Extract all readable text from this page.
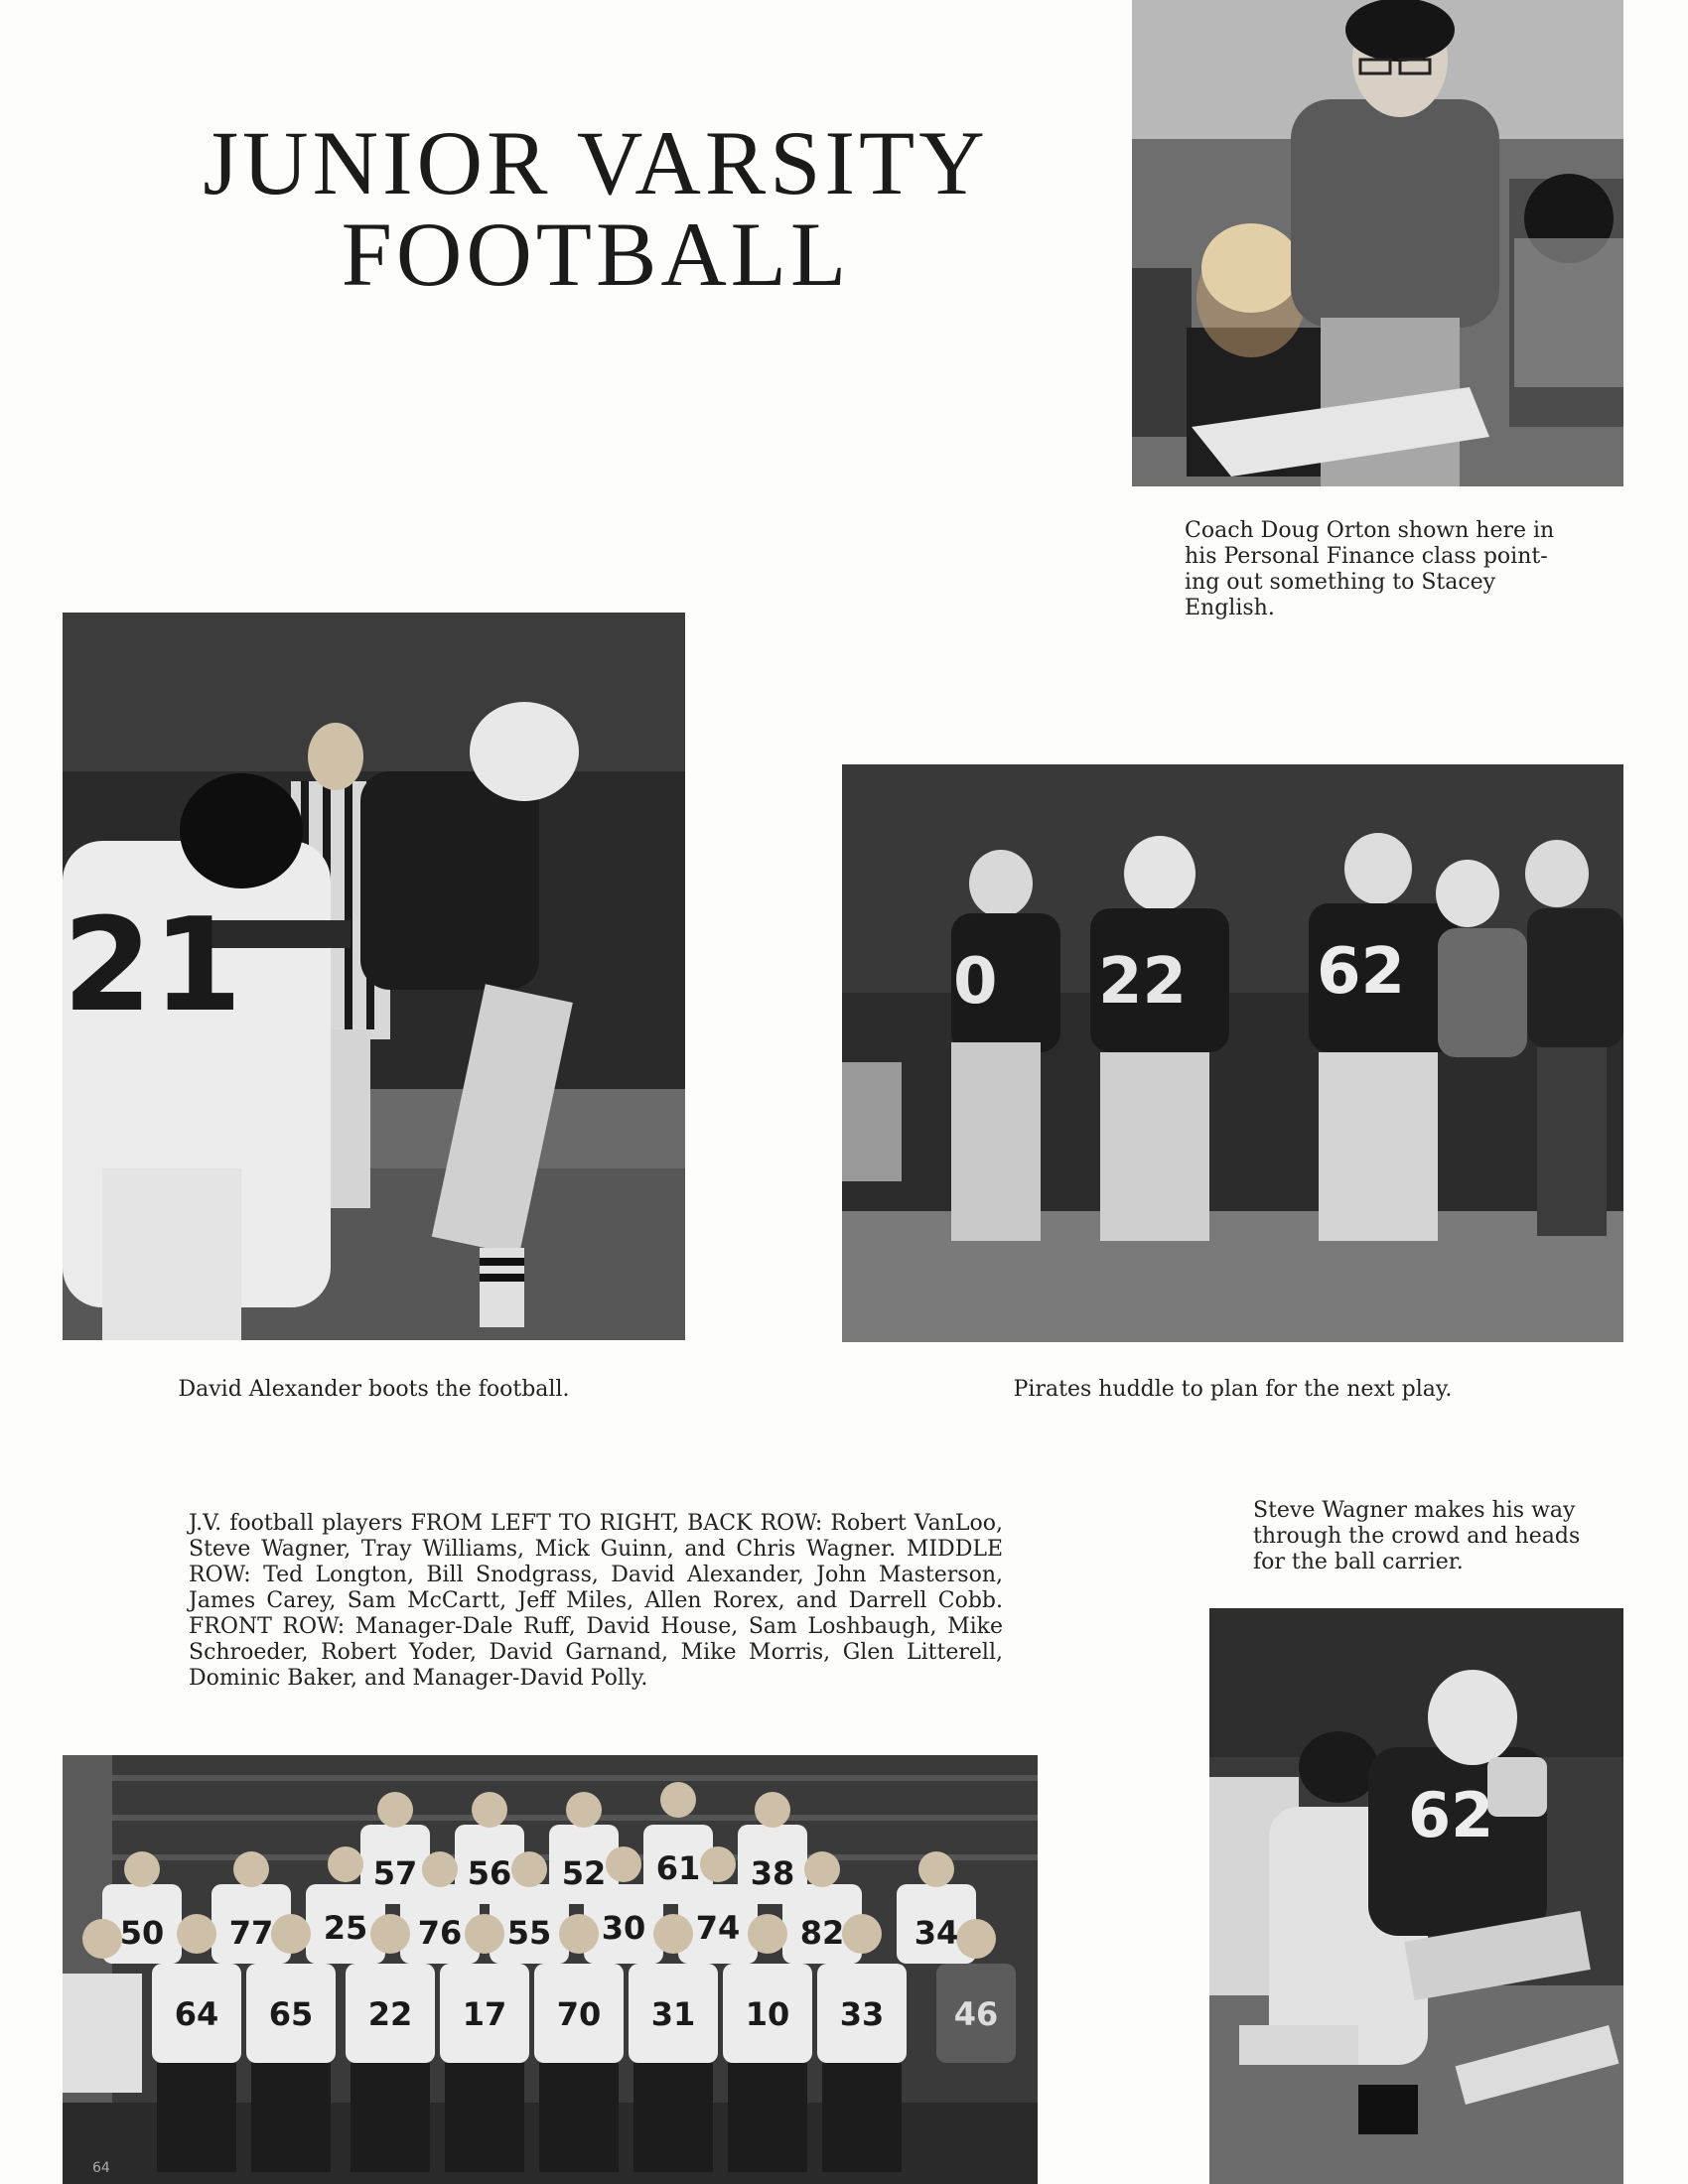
JUNIOR VARSITY
FOOTBALL
Coach Doug Orton shown here in his Personal Finance class point-ing out something to Stacey English.
21
David Alexander boots the football.
0 22 62
Pirates huddle to plan for the next play.
J.V. football players FROM LEFT TO RIGHT, BACK ROW: Robert VanLoo, Steve Wagner, Tray Williams, Mick Guinn, and Chris Wagner. MIDDLE ROW: Ted Longton, Bill Snodgrass, David Alexander, John Masterson, James Carey, Sam McCartt, Jeff Miles, Allen Rorex, and Darrell Cobb. FRONT ROW: Manager-Dale Ruff, David House, Sam Loshbaugh, Mike Schroeder, Robert Yoder, David Garnand, Mike Morris, Glen Litterell, Dominic Baker, and Manager-David Polly.
57 56 52 61 38
50 77 25 76 55 30 74 82 34
64 65 22 17 70 31 10 33 46
64
Steve Wagner makes his way through the crowd and heads for the ball carrier.
62
